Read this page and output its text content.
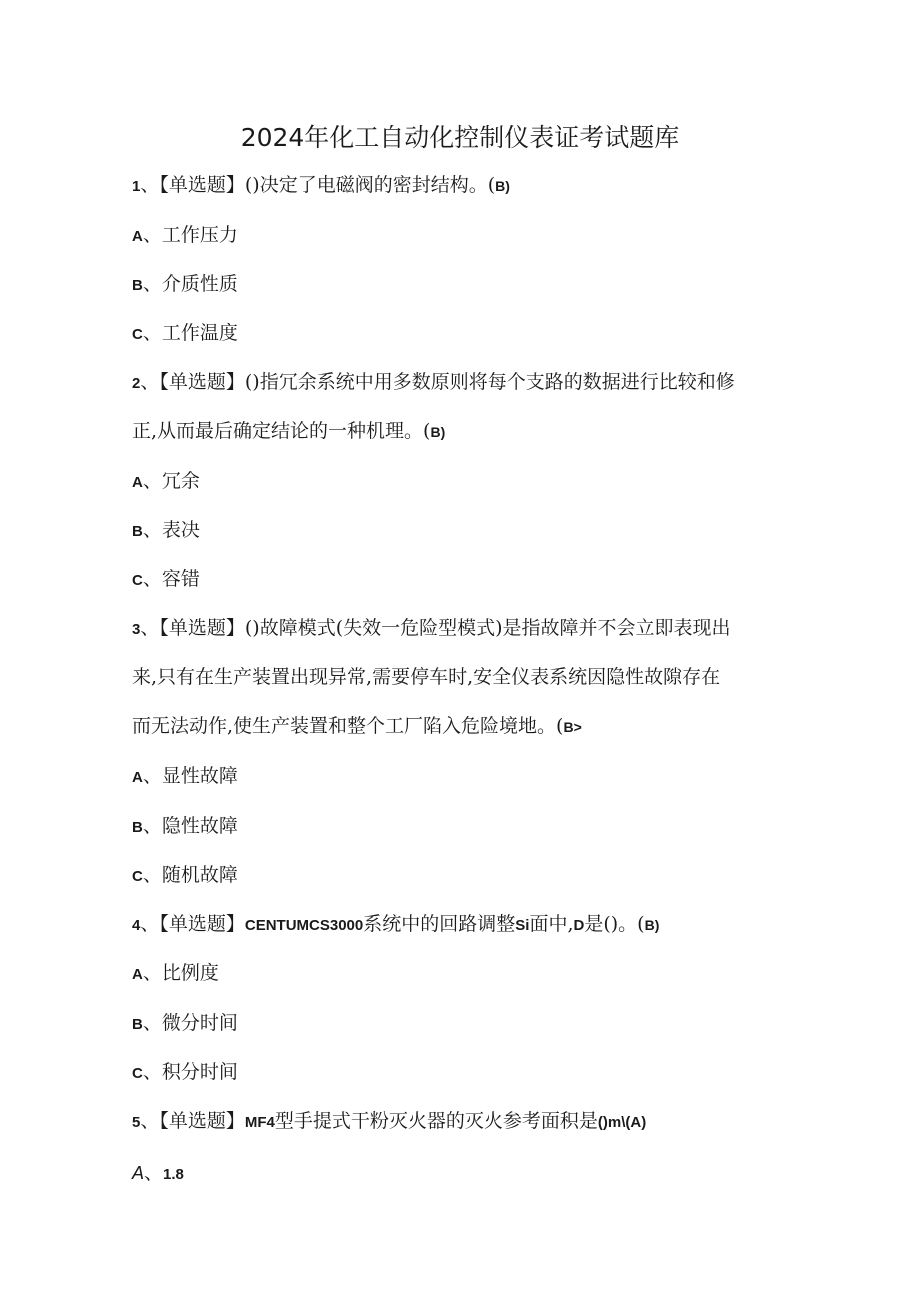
2024年化工自动化控制仪表证考试题库
1、【单选题】()决定了电磁阀的密封结构。(B)
A、工作压力
B、介质性质
C、工作温度
2、【单选题】()指冗余系统中用多数原则将每个支路的数据进行比较和修
正,从而最后确定结论的一种机理。(B)
A、冗余
B、表决
C、容错
3、【单选题】()故障模式(失效一危险型模式)是指故障并不会立即表现出
来,只有在生产装置出现异常,需要停车时,安全仪表系统因隐性故隙存在
而无法动作,使生产装置和整个工厂陷入危险境地。(B>
A、显性故障
B、隐性故障
C、随机故障
4、【单选题】CENTUMCS3000系统中的回路调整Si面中,D是()。(B)
A、比例度
B、微分时间
C、积分时间
5、【单选题】MF4型手提式干粉灭火器的灭火参考面积是()m\(A)
A、1.8
